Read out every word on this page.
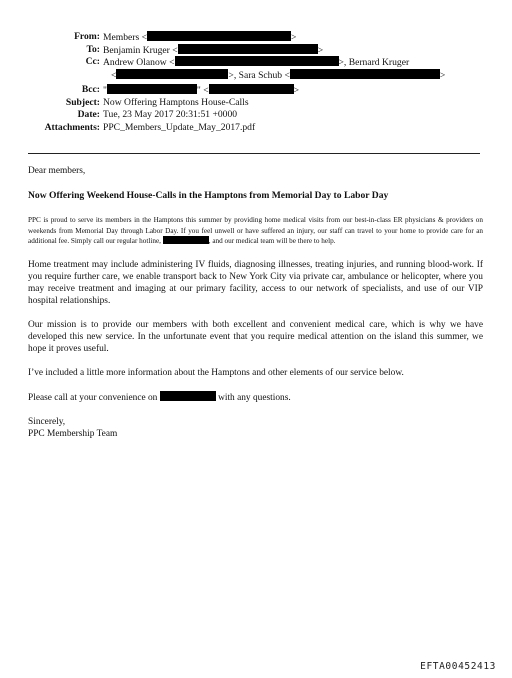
From: Members <	>
To: Benjamin Kruger <	>
Cc: Andrew Olanow <	>, Bernard Kruger
<	>, Sara Schub <	>
Bcc: "	" <	>
Subject: Now Offering Hamptons House-Calls
Date: Tue, 23 May 2017 20:31:51 +0000
Attachments: PPC_Members_Update_May_2017.pdf

Dear members,

Now Offering Weekend House-Calls in the Hamptons from Memorial Day to Labor Day

PPC is proud to serve its members in the Hamptons this summer by providing home medical visits from our best-in-class ER physicians & providers on weekends from Memorial Day through Labor Day. If you feel unwell or have suffered an injury, our staff can travel to your home to provide care for an additional fee. Simply call our regular hotline,	, and our medical team will be there to help.

Home treatment may include administering IV fluids, diagnosing illnesses, treating injuries, and running blood-work. If you require further care, we enable transport back to New York City via private car, ambulance or helicopter, where you may receive treatment and imaging at our primary facility, access to our network of specialists, and use of our VIP hospital relationships.

Our mission is to provide our members with both excellent and convenient medical care, which is why we have developed this new service. In the unfortunate event that you require medical attention on the island this summer, we hope it proves useful.

I’ve included a little more information about the Hamptons and other elements of our service below.

Please call at your convenience on	with any questions.

Sincerely,

PPC Membership Team

EFTA00452413
